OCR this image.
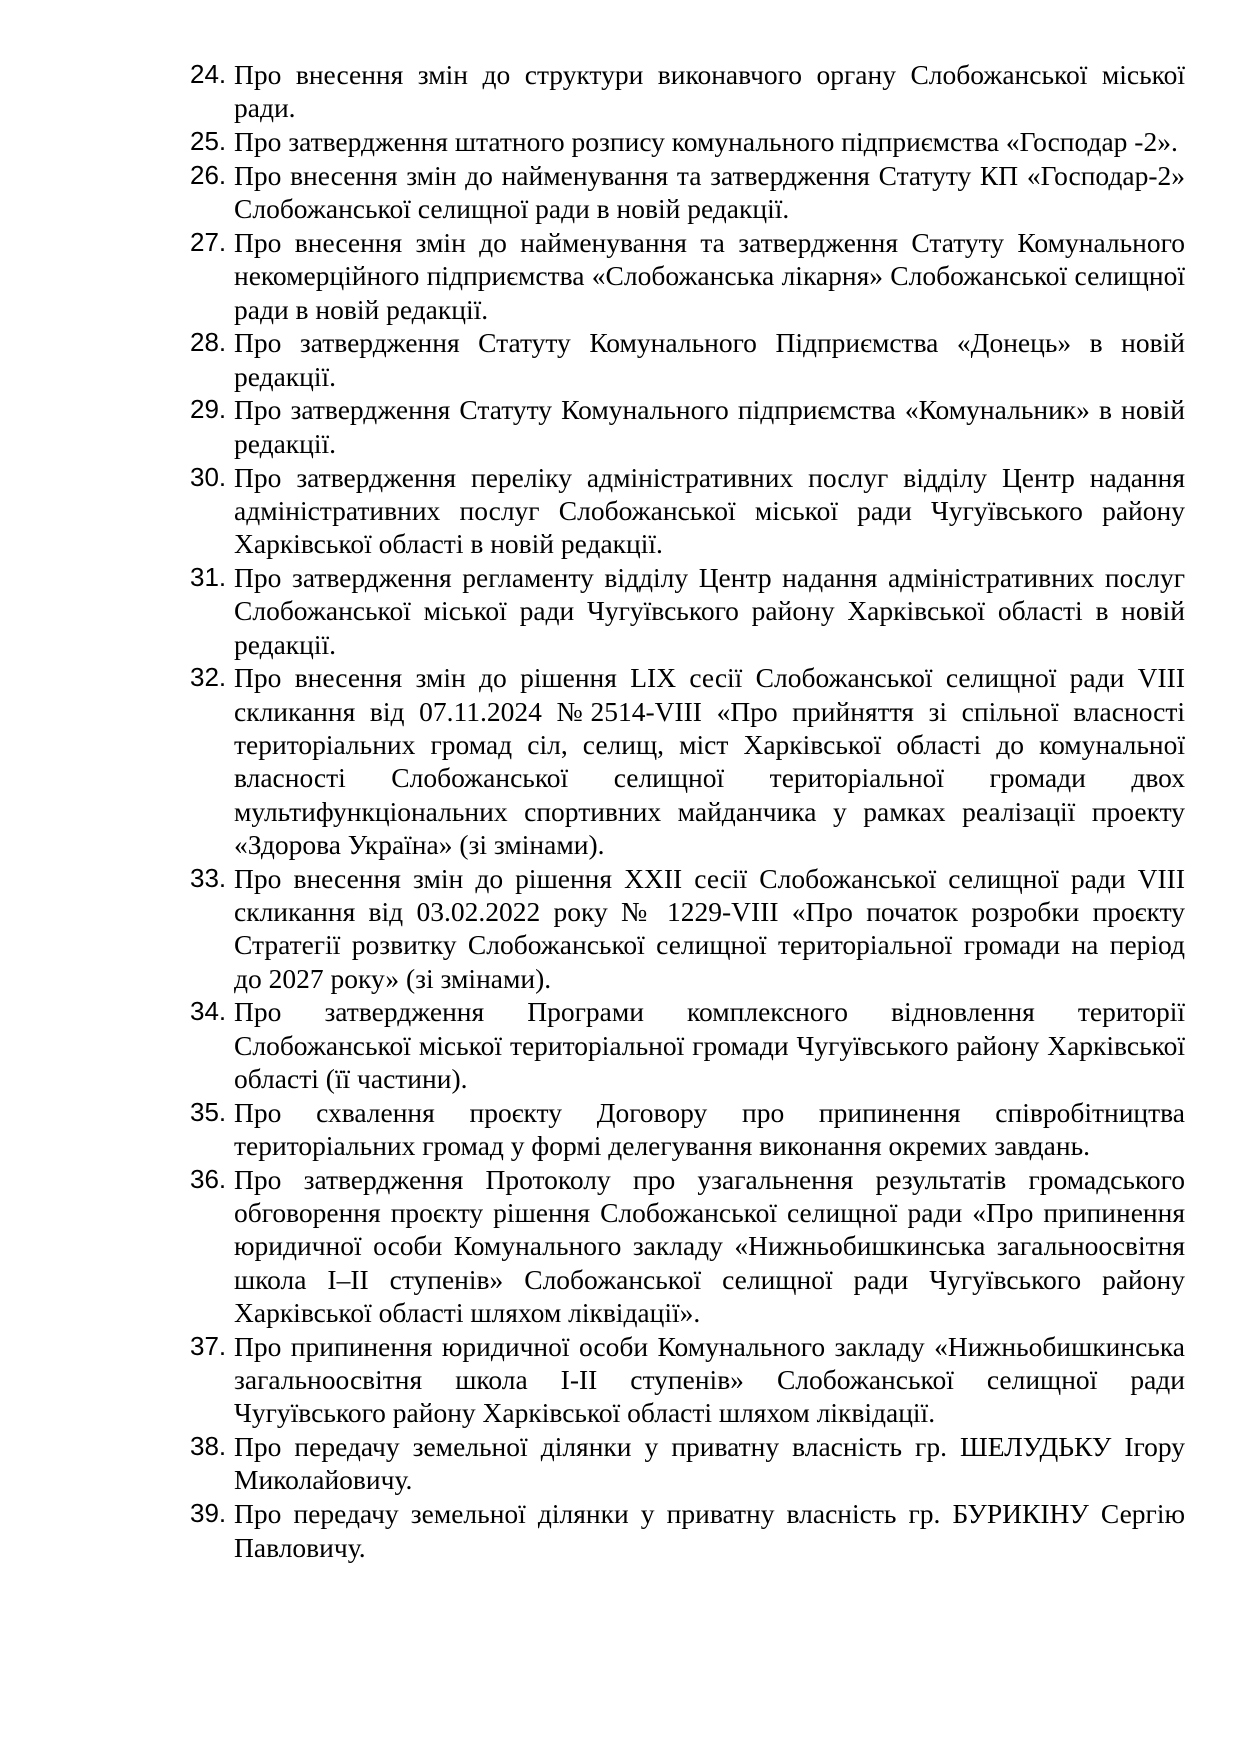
24. Про внесення змін до структури виконавчого органу Слобожанської міської ради.
25. Про затвердження штатного розпису комунального підприємства «Господар -2».
26. Про внесення змін до найменування та затвердження Статуту КП «Господар-2» Слобожанської селищної ради в новій редакції.
27. Про внесення змін до найменування та затвердження Статуту Комунального некомерційного підприємства «Слобожанська лікарня» Слобожанської селищної ради в новій редакції.
28. Про затвердження Статуту Комунального Підприємства «Донець» в новій редакції.
29. Про затвердження Статуту Комунального підприємства «Комунальник» в новій редакції.
30. Про затвердження переліку адміністративних послуг відділу Центр надання адміністративних послуг Слобожанської міської ради Чугуївського району Харківської області в новій редакції.
31. Про затвердження регламенту відділу Центр надання адміністративних послуг Слобожанської міської ради Чугуївського району Харківської області в новій редакції.
32. Про внесення змін до рішення LIX сесії Слобожанської селищної ради VIII скликання від 07.11.2024 №2514-VIII «Про прийняття зі спільної власності територіальних громад сіл, селищ, міст Харківської області до комунальної власності Слобожанської селищної територіальної громади двох мультифункціональних спортивних майданчика у рамках реалізації проекту «Здорова Україна» (зі змінами).
33. Про внесення змін до рішення XXII сесії Слобожанської селищної ради VIII скликання від 03.02.2022 року № 1229-VIII «Про початок розробки проєкту Стратегії розвитку Слобожанської селищної територіальної громади на період до 2027 року» (зі змінами).
34. Про затвердження Програми комплексного відновлення території Слобожанської міської територіальної громади Чугуївського району Харківської області (її частини).
35. Про схвалення проєкту Договору про припинення співробітництва територіальних громад у формі делегування виконання окремих завдань.
36. Про затвердження Протоколу про узагальнення результатів громадського обговорення проєкту рішення Слобожанської селищної ради «Про припинення юридичної особи Комунального закладу «Нижньобишкинська загальноосвітня школа І–ІІ ступенів» Слобожанської селищної ради Чугуївського району Харківської області шляхом ліквідації».
37. Про припинення юридичної особи Комунального закладу «Нижньобишкинська загальноосвітня школа І-ІІ ступенів» Слобожанської селищної ради Чугуївського району Харківської області шляхом ліквідації.
38. Про передачу земельної ділянки у приватну власність гр. ШЕЛУДЬКУ Ігору Миколайовичу.
39. Про передачу земельної ділянки у приватну власність гр. БУРИКІНУ Сергію Павловичу.
